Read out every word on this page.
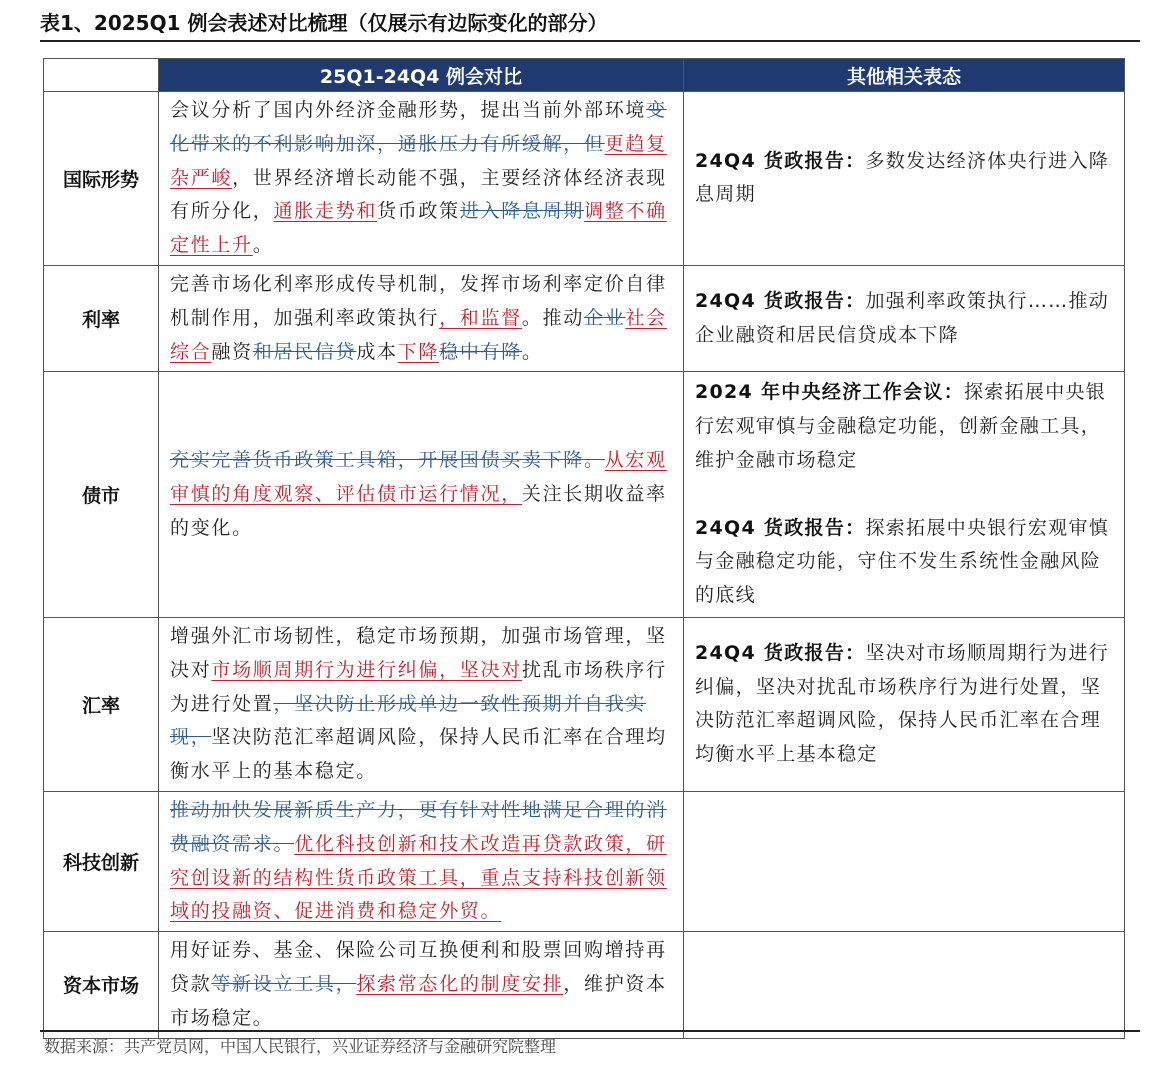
表1、2025Q1 例会表述对比梳理（仅展示有边际变化的部分）
	25Q1-24Q4 例会对比	其他相关表态
国际形势	会议分析了国内外经济金融形势，提出当前外部环境变化带来的不利影响加深，通胀压力有所缓解，但更趋复杂严峻，世界经济增长动能不强，主要经济体经济表现有所分化，通胀走势和货币政策进入降息周期调整不确定性上升。	24Q4 货政报告：多数发达经济体央行进入降息周期

利率	完善市场化利率形成传导机制，发挥市场利率定价自律机制作用，加强利率政策执行，和监督。推动企业社会综合融资和居民信贷成本下降稳中有降。	24Q4 货政报告：加强利率政策执行……推动企业融资和居民信贷成本下降

债市	充实完善货币政策工具箱，开展国债买卖下降。从宏观审慎的角度观察、评估债市运行情况，关注长期收益率的变化。	2024 年中央经济工作会议：探索拓展中央银行宏观审慎与金融稳定功能，创新金融工具，维护金融市场稳定
24Q4 货政报告：探索拓展中央银行宏观审慎与金融稳定功能，守住不发生系统性金融风险的底线

汇率	增强外汇市场韧性，稳定市场预期，加强市场管理，坚决对市场顺周期行为进行纠偏，坚决对扰乱市场秩序行为进行处置，坚决防止形成单边一致性预期并自我实现，坚决防范汇率超调风险，保持人民币汇率在合理均衡水平上的基本稳定。	24Q4 货政报告：坚决对市场顺周期行为进行纠偏，坚决对扰乱市场秩序行为进行处置，坚决防范汇率超调风险，保持人民币汇率在合理均衡水平上基本稳定

科技创新	推动加快发展新质生产力，更有针对性地满足合理的消费融资需求。优化科技创新和技术改造再贷款政策，研究创设新的结构性货币政策工具，重点支持科技创新领域的投融资、促进消费和稳定外贸。	
资本市场	用好证券、基金、保险公司互换便利和股票回购增持再贷款等新设立工具，探索常态化的制度安排，维护资本市场稳定。	
数据来源：共产党员网，中国人民银行，兴业证券经济与金融研究院整理
